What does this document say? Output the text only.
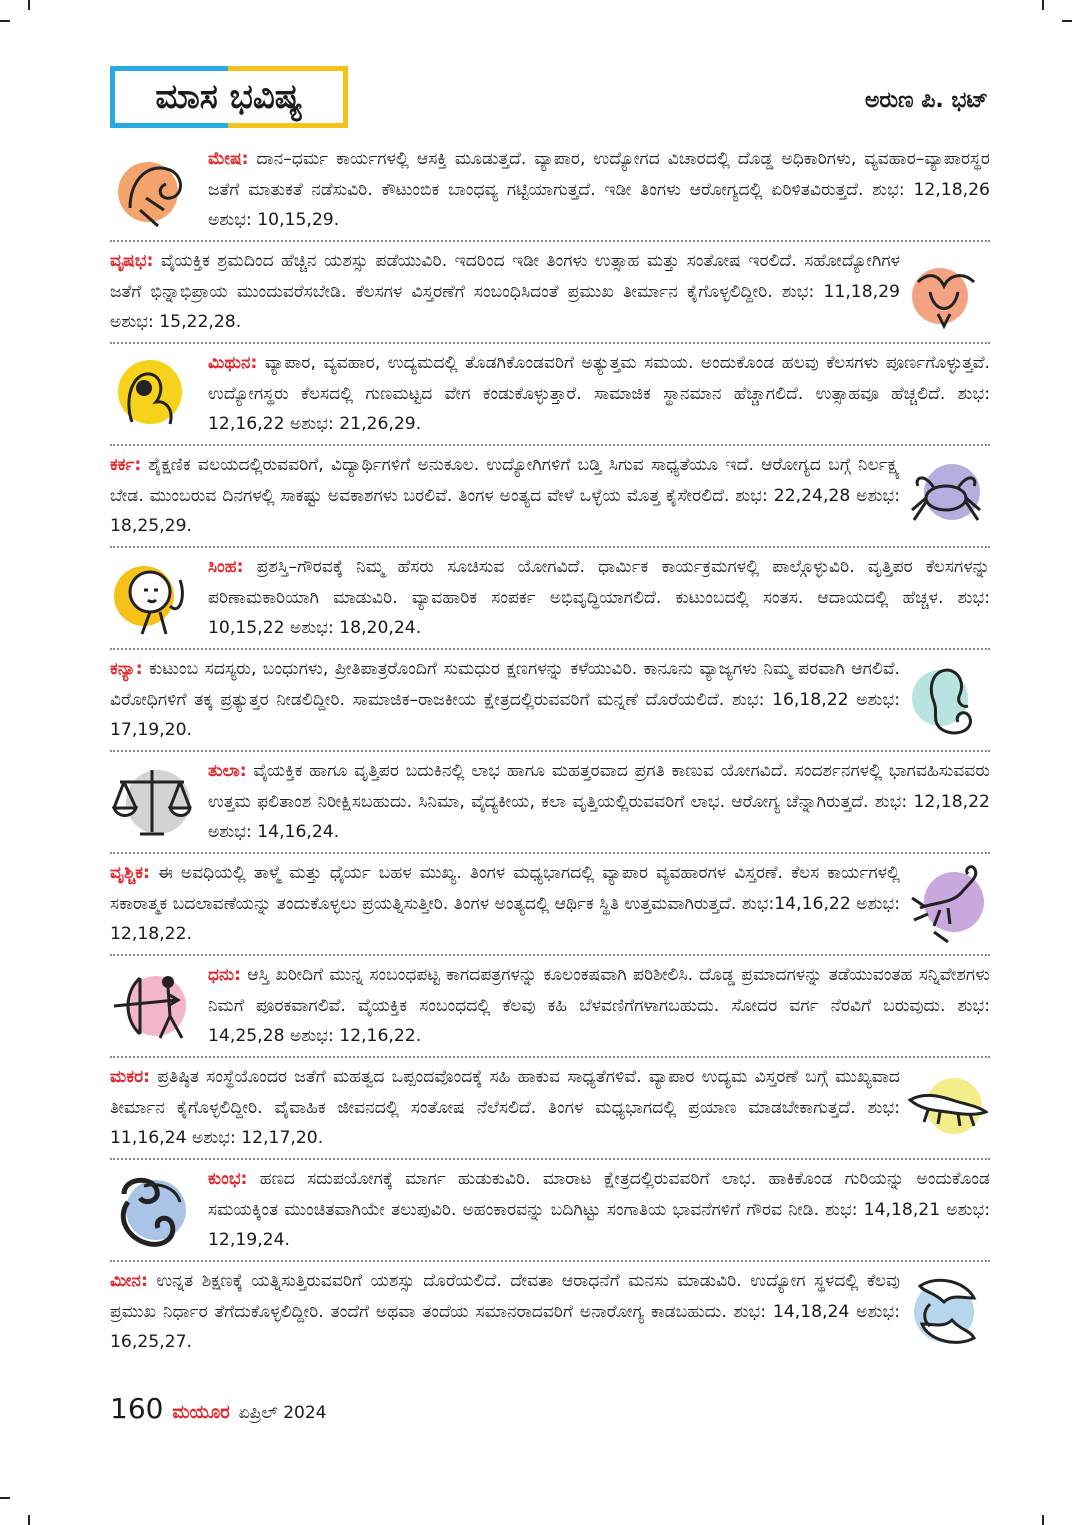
ಮಾಸ ಭವಿಷ್ಯ	ಅರುಣ ಪಿ. ಭಟ್
ಮೇಷ: ದಾನ–ಧರ್ಮ ಕಾರ್ಯಗಳಲ್ಲಿ ಆಸಕ್ತಿ ಮೂಡುತ್ತದೆ. ವ್ಯಾಪಾರ, ಉದ್ಯೋಗದ ವಿಚಾರದಲ್ಲಿ ದೊಡ್ಡ ಅಧಿಕಾರಿಗಳು, ವ್ಯವಹಾರ–ವ್ಯಾಪಾರಸ್ಥರ ಜತೆಗೆ ಮಾತುಕತೆ ನಡೆಸುವಿರಿ. ಕೌಟುಂಬಿಕ ಬಾಂಧವ್ಯ ಗಟ್ಟಿಯಾಗುತ್ತದೆ. ಇಡೀ ತಿಂಗಳು ಆರೋಗ್ಯದಲ್ಲಿ ಏರಿಳಿತವಿರುತ್ತದೆ. ಶುಭ: 12,18,26 ಅಶುಭ: 10,15,29.
ವೃಷಭ: ವೈಯಕ್ತಿಕ ಶ್ರಮದಿಂದ ಹೆಚ್ಚಿನ ಯಶಸ್ಸು ಪಡೆಯುವಿರಿ. ಇದರಿಂದ ಇಡೀ ತಿಂಗಳು ಉತ್ಸಾಹ ಮತ್ತು ಸಂತೋಷ ಇರಲಿದೆ. ಸಹೋದ್ಯೋಗಿಗಳ ಜತೆಗೆ ಭಿನ್ನಾಭಿಪ್ರಾಯ ಮುಂದುವರೆಸಬೇಡಿ. ಕೆಲಸಗಳ ವಿಸ್ತರಣೆಗೆ ಸಂಬಂಧಿಸಿದಂತೆ ಪ್ರಮುಖ ತೀರ್ಮಾನ ಕೈಗೊಳ್ಳಲಿದ್ದೀರಿ. ಶುಭ: 11,18,29 ಅಶುಭ: 15,22,28.
ಮಿಥುನ: ವ್ಯಾಪಾರ, ವ್ಯವಹಾರ, ಉದ್ಯಮದಲ್ಲಿ ತೊಡಗಿಕೊಂಡವರಿಗೆ ಅತ್ಯುತ್ತಮ ಸಮಯ. ಅಂದುಕೊಂಡ ಹಲವು ಕೆಲಸಗಳು ಪೂರ್ಣಗೊಳ್ಳುತ್ತವೆ. ಉದ್ಯೋಗಸ್ಥರು ಕೆಲಸದಲ್ಲಿ ಗುಣಮಟ್ಟದ ವೇಗ ಕಂಡುಕೊಳ್ಳುತ್ತಾರೆ. ಸಾಮಾಜಿಕ ಸ್ಥಾನಮಾನ ಹೆಚ್ಚಾಗಲಿದೆ. ಉತ್ಸಾಹವೂ ಹೆಚ್ಚಲಿದೆ. ಶುಭ: 12,16,22 ಅಶುಭ: 21,26,29.
ಕರ್ಕ: ಶೈಕ್ಷಣಿಕ ವಲಯದಲ್ಲಿರುವವರಿಗೆ, ವಿದ್ಯಾರ್ಥಿಗಳಿಗೆ ಅನುಕೂಲ. ಉದ್ಯೋಗಿಗಳಿಗೆ ಬಡ್ತಿ ಸಿಗುವ ಸಾಧ್ಯತೆಯೂ ಇದೆ. ಆರೋಗ್ಯದ ಬಗ್ಗೆ ನಿರ್ಲಕ್ಷ್ಯ ಬೇಡ. ಮುಂಬರುವ ದಿನಗಳಲ್ಲಿ ಸಾಕಷ್ಟು ಅವಕಾಶಗಳು ಬರಲಿವೆ. ತಿಂಗಳ ಅಂತ್ಯದ ವೇಳೆ ಒಳ್ಳೆಯ ಮೊತ್ತ ಕೈಸೇರಲಿದೆ. ಶುಭ: 22,24,28 ಅಶುಭ: 18,25,29.
ಸಿಂಹ: ಪ್ರಶಸ್ತಿ–ಗೌರವಕ್ಕೆ ನಿಮ್ಮ ಹೆಸರು ಸೂಚಿಸುವ ಯೋಗವಿದೆ. ಧಾರ್ಮಿಕ ಕಾರ್ಯಕ್ರಮಗಳಲ್ಲಿ ಪಾಲ್ಗೊಳ್ಳುವಿರಿ. ವೃತ್ತಿಪರ ಕೆಲಸಗಳನ್ನು ಪರಿಣಾಮಕಾರಿಯಾಗಿ ಮಾಡುವಿರಿ. ವ್ಯಾವಹಾರಿಕ ಸಂಪರ್ಕ ಅಭಿವೃದ್ಧಿಯಾಗಲಿದೆ. ಕುಟುಂಬದಲ್ಲಿ ಸಂತಸ. ಆದಾಯದಲ್ಲಿ ಹೆಚ್ಚಳ. ಶುಭ: 10,15,22 ಅಶುಭ: 18,20,24.
ಕನ್ಯಾ: ಕುಟುಂಬ ಸದಸ್ಯರು, ಬಂಧುಗಳು, ಪ್ರೀತಿಪಾತ್ರರೊಂದಿಗೆ ಸುಮಧುರ ಕ್ಷಣಗಳನ್ನು ಕಳೆಯುವಿರಿ. ಕಾನೂನು ವ್ಯಾಜ್ಯಗಳು ನಿಮ್ಮ ಪರವಾಗಿ ಆಗಲಿವೆ. ವಿರೋಧಿಗಳಿಗೆ ತಕ್ಕ ಪ್ರತ್ಯುತ್ತರ ನೀಡಲಿದ್ದೀರಿ. ಸಾಮಾಜಿಕ–ರಾಜಕೀಯ ಕ್ಷೇತ್ರದಲ್ಲಿರುವವರಿಗೆ ಮನ್ನಣೆ ದೊರೆಯಲಿದೆ. ಶುಭ: 16,18,22 ಅಶುಭ: 17,19,20.
ತುಲಾ: ವೈಯಕ್ತಿಕ ಹಾಗೂ ವೃತ್ತಿಪರ ಬದುಕಿನಲ್ಲಿ ಲಾಭ ಹಾಗೂ ಮಹತ್ತರವಾದ ಪ್ರಗತಿ ಕಾಣುವ ಯೋಗವಿದೆ. ಸಂದರ್ಶನಗಳಲ್ಲಿ ಭಾಗವಹಿಸುವವರು ಉತ್ತಮ ಫಲಿತಾಂಶ ನಿರೀಕ್ಷಿಸಬಹುದು. ಸಿನಿಮಾ, ವೈದ್ಯಕೀಯ, ಕಲಾ ವೃತ್ತಿಯಲ್ಲಿರುವವರಿಗೆ ಲಾಭ. ಆರೋಗ್ಯ ಚೆನ್ನಾಗಿರುತ್ತದೆ. ಶುಭ: 12,18,22 ಅಶುಭ: 14,16,24.
ವೃಶ್ಚಿಕ: ಈ ಅವಧಿಯಲ್ಲಿ ತಾಳ್ಮೆ ಮತ್ತು ಧೈರ್ಯ ಬಹಳ ಮುಖ್ಯ. ತಿಂಗಳ ಮಧ್ಯಭಾಗದಲ್ಲಿ ವ್ಯಾಪಾರ ವ್ಯವಹಾರಗಳ ವಿಸ್ತರಣೆ. ಕೆಲಸ ಕಾರ್ಯಗಳಲ್ಲಿ ಸಕಾರಾತ್ಮಕ ಬದಲಾವಣೆಯನ್ನು ತಂದುಕೊಳ್ಳಲು ಪ್ರಯತ್ನಿಸುತ್ತೀರಿ. ತಿಂಗಳ ಅಂತ್ಯದಲ್ಲಿ ಆರ್ಥಿಕ ಸ್ಥಿತಿ ಉತ್ತಮವಾಗಿರುತ್ತದೆ. ಶುಭ:14,16,22 ಅಶುಭ: 12,18,22.
ಧನು: ಆಸ್ತಿ ಖರೀದಿಗೆ ಮುನ್ನ ಸಂಬಂಧಪಟ್ಟ ಕಾಗದಪತ್ರಗಳನ್ನು ಕೂಲಂಕಷವಾಗಿ ಪರಿಶೀಲಿಸಿ. ದೊಡ್ಡ ಪ್ರಮಾದಗಳನ್ನು ತಡೆಯುವಂತಹ ಸನ್ನಿವೇಶಗಳು ನಿಮಗೆ ಪೂರಕವಾಗಲಿವೆ. ವೈಯಕ್ತಿಕ ಸಂಬಂಧದಲ್ಲಿ ಕೆಲವು ಕಹಿ ಬೆಳವಣಿಗೆಗಳಾಗಬಹುದು. ಸೋದರ ವರ್ಗ ನೆರವಿಗೆ ಬರುವುದು. ಶುಭ: 14,25,28 ಅಶುಭ: 12,16,22.
ಮಕರ: ಪ್ರತಿಷ್ಠಿತ ಸಂಸ್ಥೆಯೊಂದರ ಜತೆಗೆ ಮಹತ್ವದ ಒಪ್ಪಂದವೊಂದಕ್ಕೆ ಸಹಿ ಹಾಕುವ ಸಾಧ್ಯತೆಗಳಿವೆ. ವ್ಯಾಪಾರ ಉದ್ಯಮ ವಿಸ್ತರಣೆ ಬಗ್ಗೆ ಮುಖ್ಯವಾದ ತೀರ್ಮಾನ ಕೈಗೊಳ್ಳಲಿದ್ದೀರಿ. ವೈವಾಹಿಕ ಜೀವನದಲ್ಲಿ ಸಂತೋಷ ನೆಲೆಸಲಿದೆ. ತಿಂಗಳ ಮಧ್ಯಭಾಗದಲ್ಲಿ ಪ್ರಯಾಣ ಮಾಡಬೇಕಾಗುತ್ತದೆ. ಶುಭ: 11,16,24 ಅಶುಭ: 12,17,20.
ಕುಂಭ: ಹಣದ ಸದುಪಯೋಗಕ್ಕೆ ಮಾರ್ಗ ಹುಡುಕುವಿರಿ. ಮಾರಾಟ ಕ್ಷೇತ್ರದಲ್ಲಿರುವವರಿಗೆ ಲಾಭ. ಹಾಕಿಕೊಂಡ ಗುರಿಯನ್ನು ಅಂದುಕೊಂಡ ಸಮಯಕ್ಕಿಂತ ಮುಂಚಿತವಾಗಿಯೇ ತಲುಪುವಿರಿ. ಅಹಂಕಾರವನ್ನು ಬದಿಗಿಟ್ಟು ಸಂಗಾತಿಯ ಭಾವನೆಗಳಿಗೆ ಗೌರವ ನೀಡಿ. ಶುಭ: 14,18,21 ಅಶುಭ: 12,19,24.
ಮೀನ: ಉನ್ನತ ಶಿಕ್ಷಣಕ್ಕೆ ಯತ್ನಿಸುತ್ತಿರುವವರಿಗೆ ಯಶಸ್ಸು ದೊರೆಯಲಿದೆ. ದೇವತಾ ಆರಾಧನೆಗೆ ಮನಸು ಮಾಡುವಿರಿ. ಉದ್ಯೋಗ ಸ್ಥಳದಲ್ಲಿ ಕೆಲವು ಪ್ರಮುಖ ನಿರ್ಧಾರ ತೆಗೆದುಕೊಳ್ಳಲಿದ್ದೀರಿ. ತಂದೆಗೆ ಅಥವಾ ತಂದೆಯ ಸಮಾನರಾದವರಿಗೆ ಅನಾರೋಗ್ಯ ಕಾಡಬಹುದು. ಶುಭ: 14,18,24 ಅಶುಭ: 16,25,27.
160 ಮಯೂರ ಏಪ್ರಿಲ್ 2024
